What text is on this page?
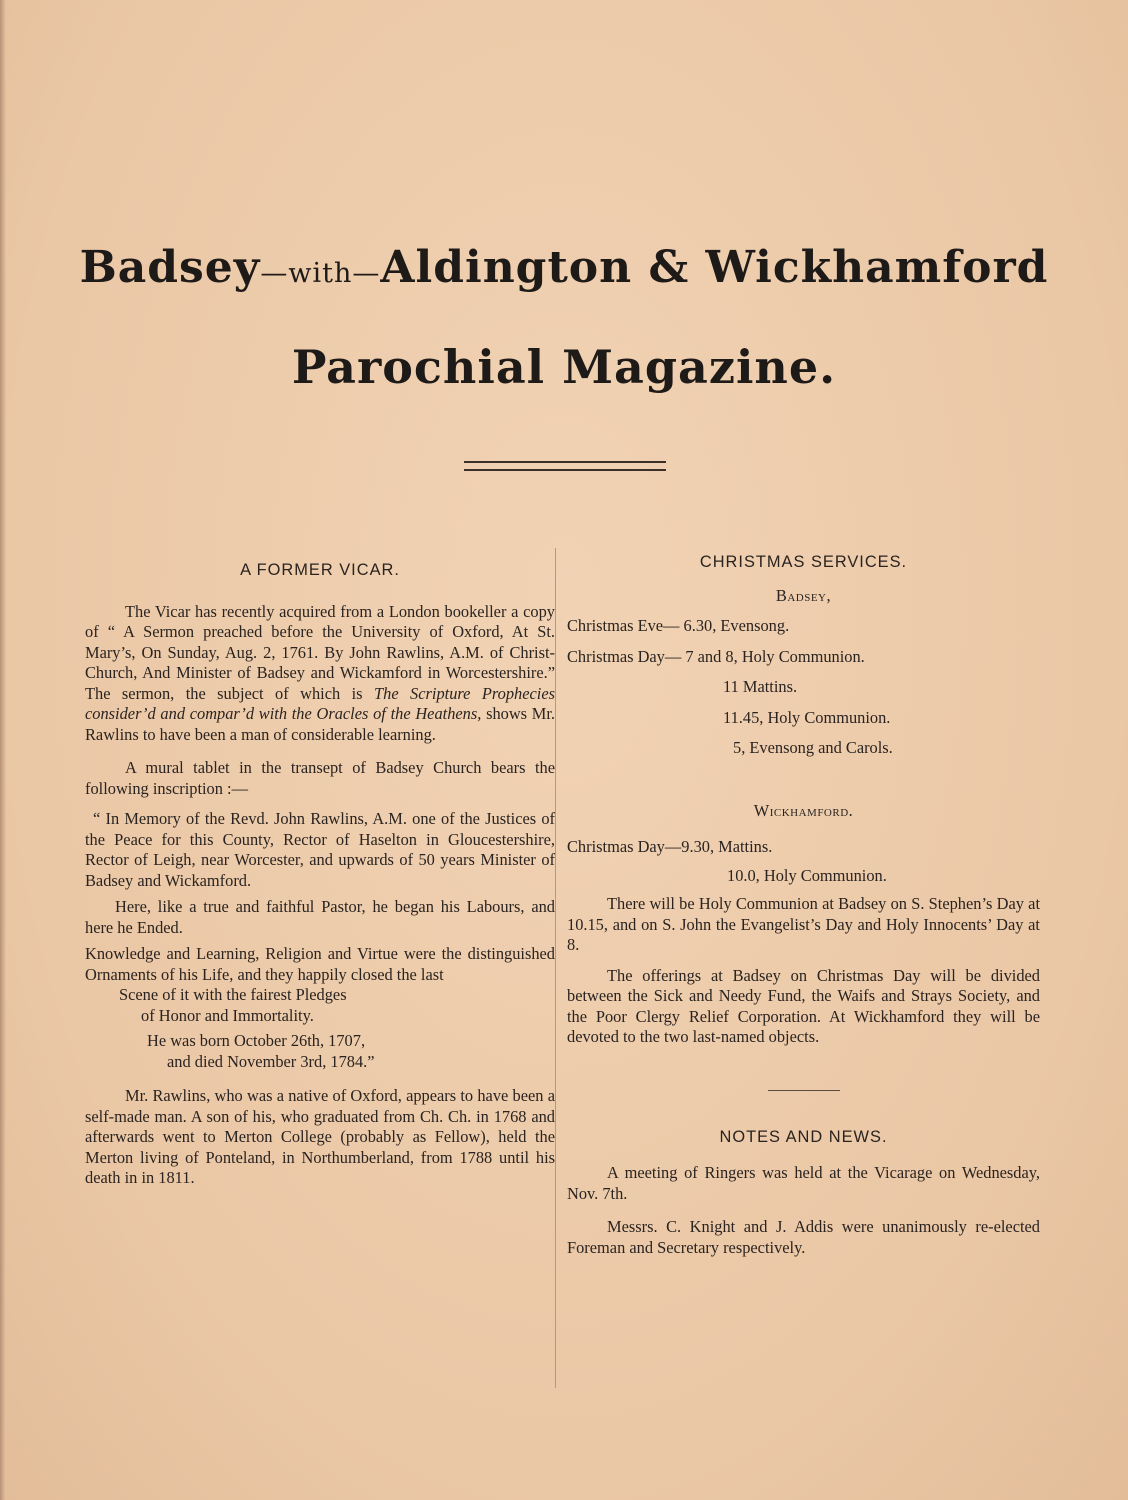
Badsey—with—Aldington & Wickhamford
Parochial Magazine.

A FORMER VICAR.

The Vicar has recently acquired from a London bookeller a copy of “ A Sermon preached before the University of Oxford, At St. Mary’s, On Sunday, Aug. 2, 1761. By John Rawlins, A.M. of Christ-Church, And Minister of Badsey and Wickamford in Worcestershire.” The sermon, the subject of which is The Scripture Prophecies consider’d and compar’d with the Oracles of the Heathens, shows Mr. Rawlins to have been a man of considerable learning.

A mural tablet in the transept of Badsey Church bears the following inscription :—

“ In Memory of the Revd. John Rawlins, A.M. one of the Justices of the Peace for this County, Rector of Haselton in Gloucestershire, Rector of Leigh, near Worcester, and upwards of 50 years Minister of Badsey and Wickamford.

Here, like a true and faithful Pastor, he began his Labours, and here he Ended.

Knowledge and Learning, Religion and Virtue were the distinguished Ornaments of his Life, and they happily closed the last

Scene of it with the fairest Pledges

of Honor and Immortality.

He was born October 26th, 1707,

and died November 3rd, 1784.”

Mr. Rawlins, who was a native of Oxford, appears to have been a self-made man. A son of his, who graduated from Ch. Ch. in 1768 and afterwards went to Merton College (probably as Fellow), held the Merton living of Ponteland, in Northumberland, from 1788 until his death in in 1811.

CHRISTMAS SERVICES.

Badsey,

Christmas Eve— 6.30, Evensong.

Christmas Day— 7 and 8, Holy Communion.

11 Mattins.

11.45, Holy Communion.

5, Evensong and Carols.

Wickhamford.

Christmas Day—9.30, Mattins.

10.0, Holy Communion.

There will be Holy Communion at Badsey on S. Stephen’s Day at 10.15, and on S. John the Evangelist’s Day and Holy Innocents’ Day at 8.

The offerings at Badsey on Christmas Day will be divided between the Sick and Needy Fund, the Waifs and Strays Society, and the Poor Clergy Relief Corporation. At Wickhamford they will be devoted to the two last-named objects.

NOTES AND NEWS.

A meeting of Ringers was held at the Vicarage on Wednesday, Nov. 7th.

Messrs. C. Knight and J. Addis were unanimously re-elected Foreman and Secretary respectively.
